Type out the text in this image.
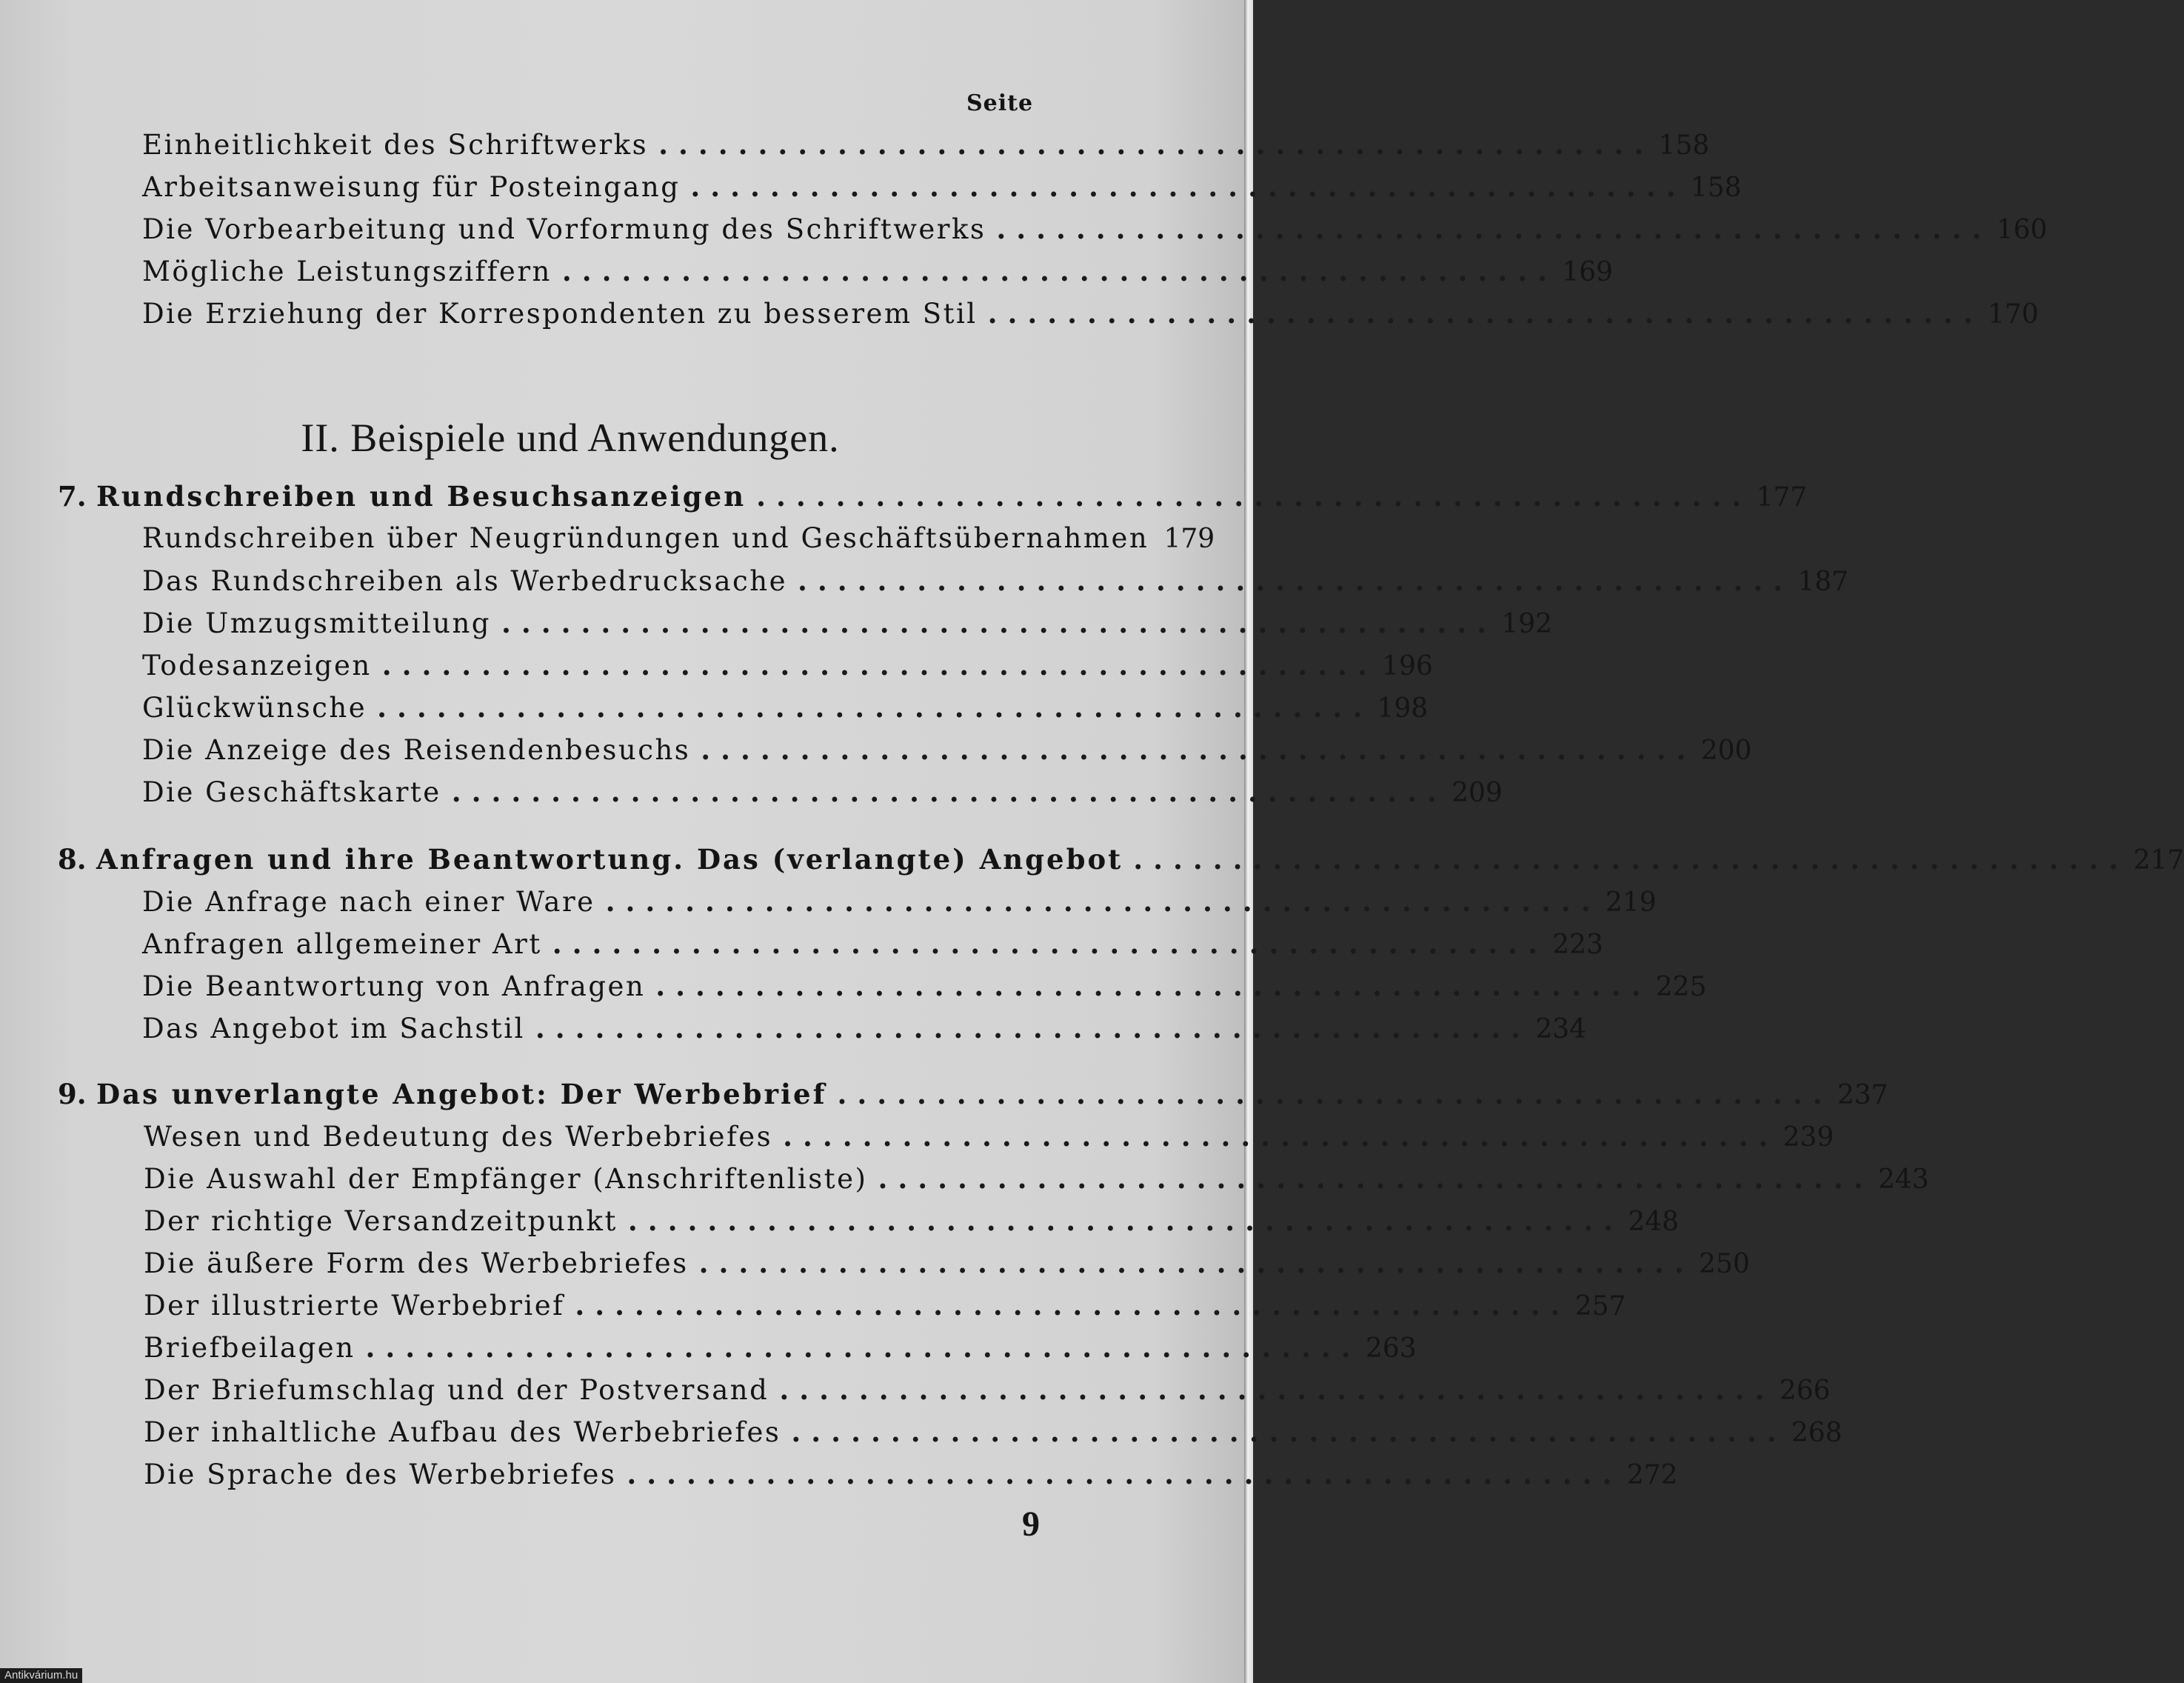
Seite
Einheitlichkeit des Schriftwerks .................................................. 158
Arbeitsanweisung für Posteingang .................................................. 158
Die Vorbearbeitung und Vorformung des Schriftwerks .................................................. 160
Mögliche Leistungsziffern .................................................. 169
Die Erziehung der Korrespondenten zu besserem Stil .................................................. 170
II. Beispiele und Anwendungen.
7. Rundschreiben und Besuchsanzeigen .................................................. 177
Rundschreiben über Neugründungen und Geschäftsübernahmen 179
Das Rundschreiben als Werbedrucksache .................................................. 187
Die Umzugsmitteilung .................................................. 192
Todesanzeigen .................................................. 196
Glückwünsche .................................................. 198
Die Anzeige des Reisendenbesuchs .................................................. 200
Die Geschäftskarte .................................................. 209
8. Anfragen und ihre Beantwortung. Das (verlangte) Angebot .................................................. 217
Die Anfrage nach einer Ware .................................................. 219
Anfragen allgemeiner Art .................................................. 223
Die Beantwortung von Anfragen .................................................. 225
Das Angebot im Sachstil .................................................. 234
9. Das unverlangte Angebot: Der Werbebrief .................................................. 237
Wesen und Bedeutung des Werbebriefes .................................................. 239
Die Auswahl der Empfänger (Anschriftenliste) .................................................. 243
Der richtige Versandzeitpunkt .................................................. 248
Die äußere Form des Werbebriefes .................................................. 250
Der illustrierte Werbebrief .................................................. 257
Briefbeilagen .................................................. 263
Der Briefumschlag und der Postversand .................................................. 266
Der inhaltliche Aufbau des Werbebriefes .................................................. 268
Die Sprache des Werbebriefes .................................................. 272
9
Antikvárium.hu
